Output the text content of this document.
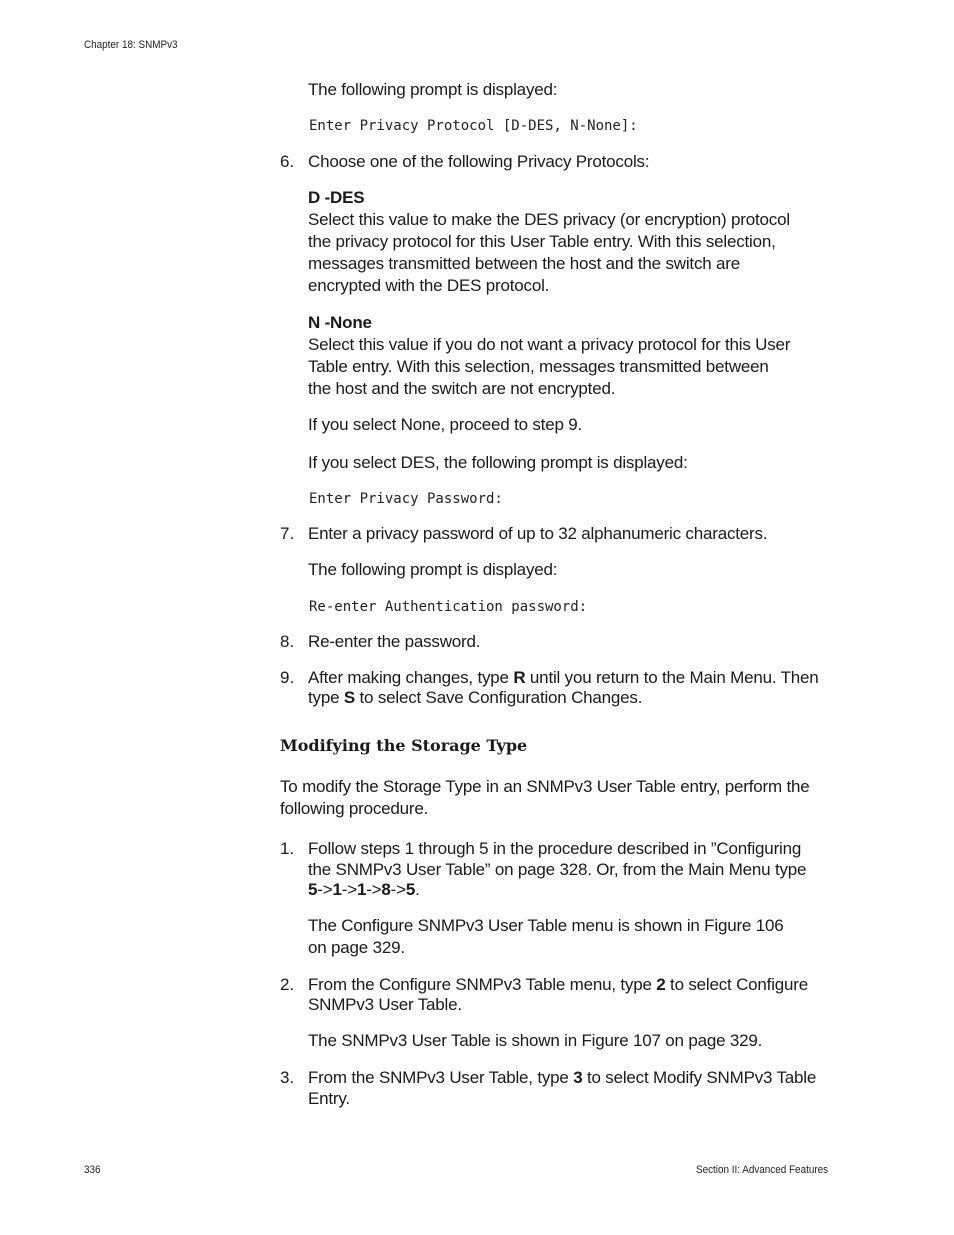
Chapter 18: SNMPv3
The following prompt is displayed:
Enter Privacy Protocol [D-DES, N-None]:
6. Choose one of the following Privacy Protocols:
D -DES
Select this value to make the DES privacy (or encryption) protocol
the privacy protocol for this User Table entry. With this selection,
messages transmitted between the host and the switch are
encrypted with the DES protocol.
N -None
Select this value if you do not want a privacy protocol for this User
Table entry. With this selection, messages transmitted between
the host and the switch are not encrypted.
If you select None, proceed to step 9.
If you select DES, the following prompt is displayed:
Enter Privacy Password:
7. Enter a privacy password of up to 32 alphanumeric characters.
The following prompt is displayed:
Re-enter Authentication password:
8. Re-enter the password.
9. After making changes, type R until you return to the Main Menu. Then
type S to select Save Configuration Changes.
Modifying the Storage Type
To modify the Storage Type in an SNMPv3 User Table entry, perform the
following procedure.
1. Follow steps 1 through 5 in the procedure described in ”Configuring
the SNMPv3 User Table” on page 328. Or, from the Main Menu type
5->1->1->8->5.
The Configure SNMPv3 User Table menu is shown in Figure 106
on page 329.
2. From the Configure SNMPv3 Table menu, type 2 to select Configure
SNMPv3 User Table.
The SNMPv3 User Table is shown in Figure 107 on page 329.
3. From the SNMPv3 User Table, type 3 to select Modify SNMPv3 Table
Entry.
336	Section II: Advanced Features
